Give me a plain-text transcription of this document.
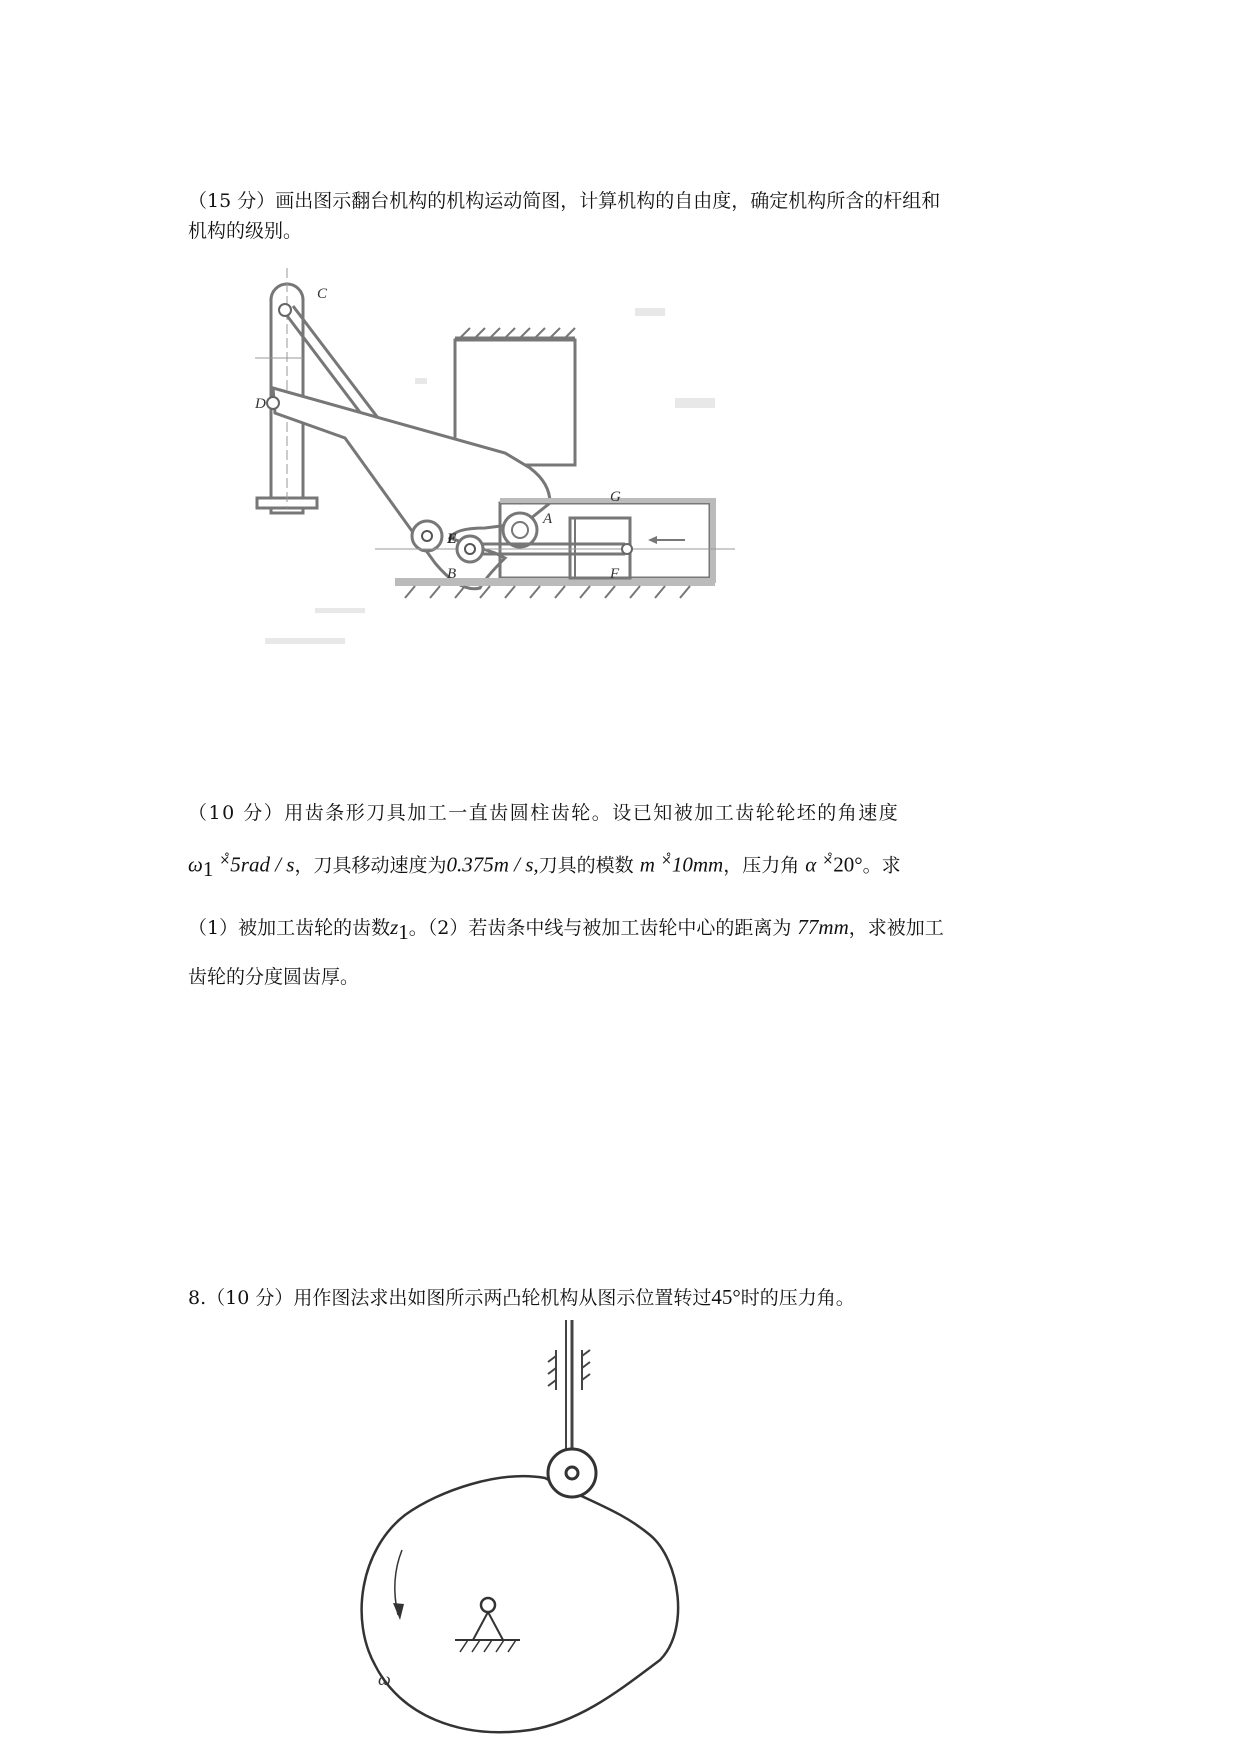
（15 分）画出图示翻台机构的机构运动简图，计算机构的自由度，确定机构所含的杆组和
机构的级别。
C
D
E
A
G
B	F
（10 分）用齿条形刀具加工一直齿圆柱齿轮。设已知被加工齿轮轮坯的角速度
$\omega_1$ ×̊5rad / s，刀具移动速度为0.375m / s,刀具的模数 m ×̊10mm，压力角 α ×̊20°。求
（1）被加工齿轮的齿数$z_1$。（2）若齿条中线与被加工齿轮中心的距离为 77mm，求被加工
齿轮的分度圆齿厚。
8.（10 分）用作图法求出如图所示两凸轮机构从图示位置转过45°时的压力角。
ω
